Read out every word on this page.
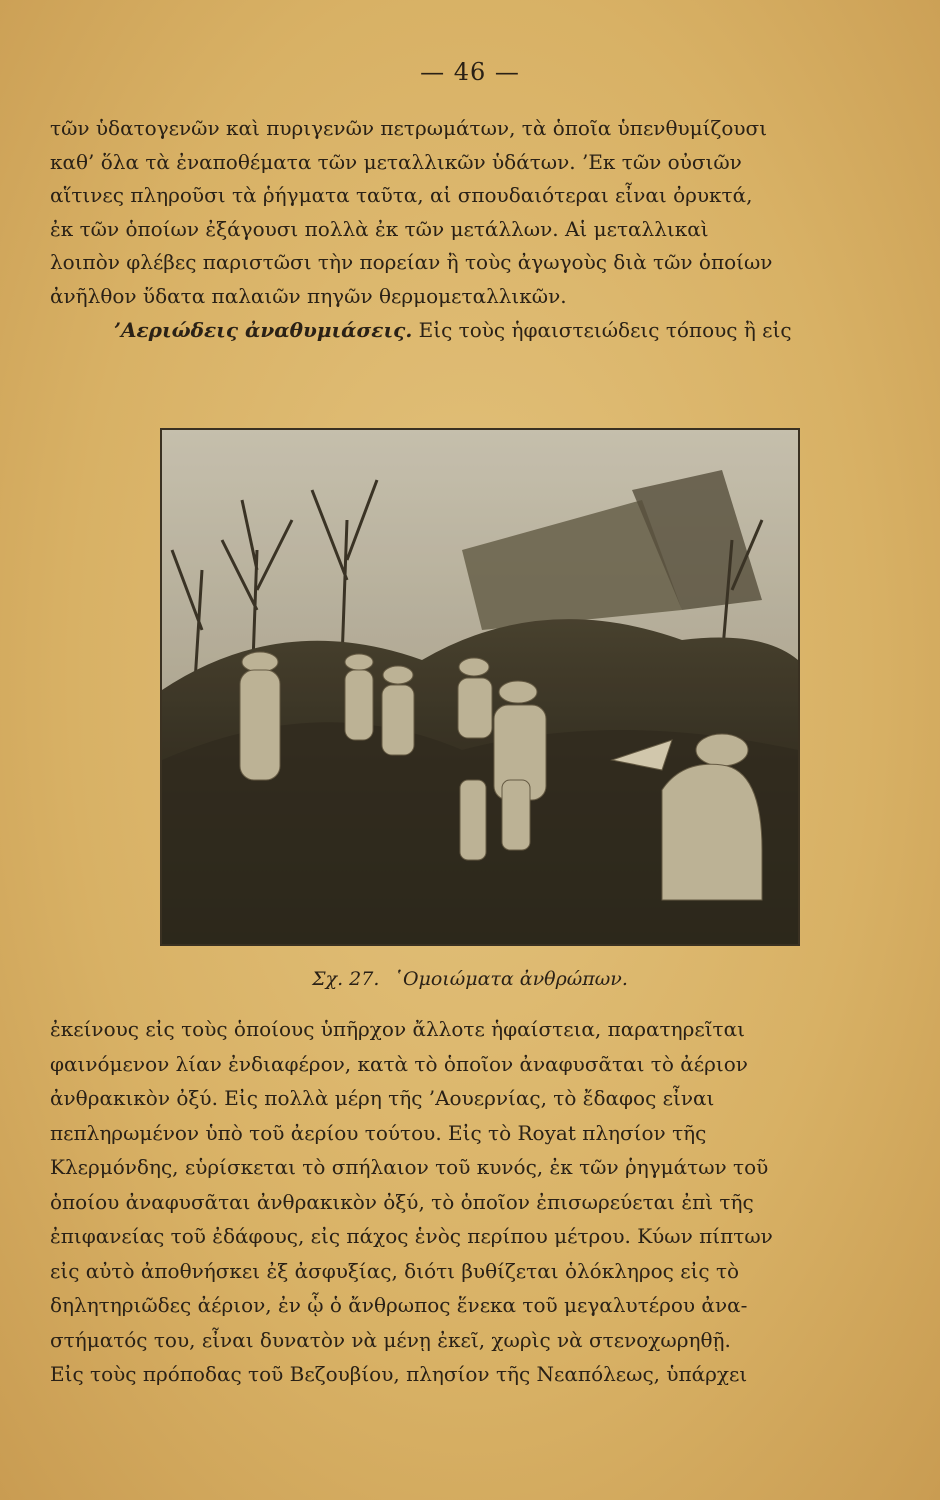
— 46 —
τῶν ὑδατογενῶν καὶ πυριγενῶν πετρωμάτων, τὰ ὁποῖα ὑπενθυμίζουσι
καθ’ ὅλα τὰ ἐναποθέματα τῶν μεταλλικῶν ὑδάτων. ’Εκ τῶν οὐσιῶν
αἵτινες πληροῦσι τὰ ῥήγματα ταῦτα, αἱ σπουδαιότεραι εἶναι ὀρυκτά,
ἐκ τῶν ὁποίων ἐξάγουσι πολλὰ ἐκ τῶν μετάλλων. Αἱ μεταλλικαὶ
λοιπὸν φλέβες παριστῶσι τὴν πορείαν ἢ τοὺς ἀγωγοὺς διὰ τῶν ὁποίων
ἀνῆλθον ὕδατα παλαιῶν πηγῶν θερμομεταλλικῶν.
’Αεριώδεις ἀναθυμιάσεις. Εἰς τοὺς ἡφαιστειώδεις τόπους ἢ εἰς
Σχ. 27. ῾Ομοιώματα ἀνθρώπων.
ἐκείνους εἰς τοὺς ὁποίους ὑπῆρχον ἄλλοτε ἡφαίστεια, παρατηρεῖται
φαινόμενον λίαν ἐνδιαφέρον, κατὰ τὸ ὁποῖον ἀναφυσᾶται τὸ ἀέριον
ἀνθρακικὸν ὀξύ. Εἰς πολλὰ μέρη τῆς ’Αουερνίας, τὸ ἔδαφος εἶναι
πεπληρωμένον ὑπὸ τοῦ ἀερίου τούτου. Εἰς τὸ Royat πλησίον τῆς
Κλερμόνδης, εὑρίσκεται τὸ σπήλαιον τοῦ κυνός, ἐκ τῶν ῥηγμάτων τοῦ
ὁποίου ἀναφυσᾶται ἀνθρακικὸν ὀξύ, τὸ ὁποῖον ἐπισωρεύεται ἐπὶ τῆς
ἐπιφανείας τοῦ ἐδάφους, εἰς πάχος ἑνὸς περίπου μέτρου. Κύων πίπτων
εἰς αὐτὸ ἀποθνήσκει ἐξ ἀσφυξίας, διότι βυθίζεται ὁλόκληρος εἰς τὸ
δηλητηριῶδες ἀέριον, ἐν ᾧ ὁ ἄνθρωπος ἕνεκα τοῦ μεγαλυτέρου ἀνα-
στήματός του, εἶναι δυνατὸν νὰ μένῃ ἐκεῖ, χωρὶς νὰ στενοχωρηθῇ.
Εἰς τοὺς πρόποδας τοῦ Βεζουβίου, πλησίον τῆς Νεαπόλεως, ὑπάρχει
